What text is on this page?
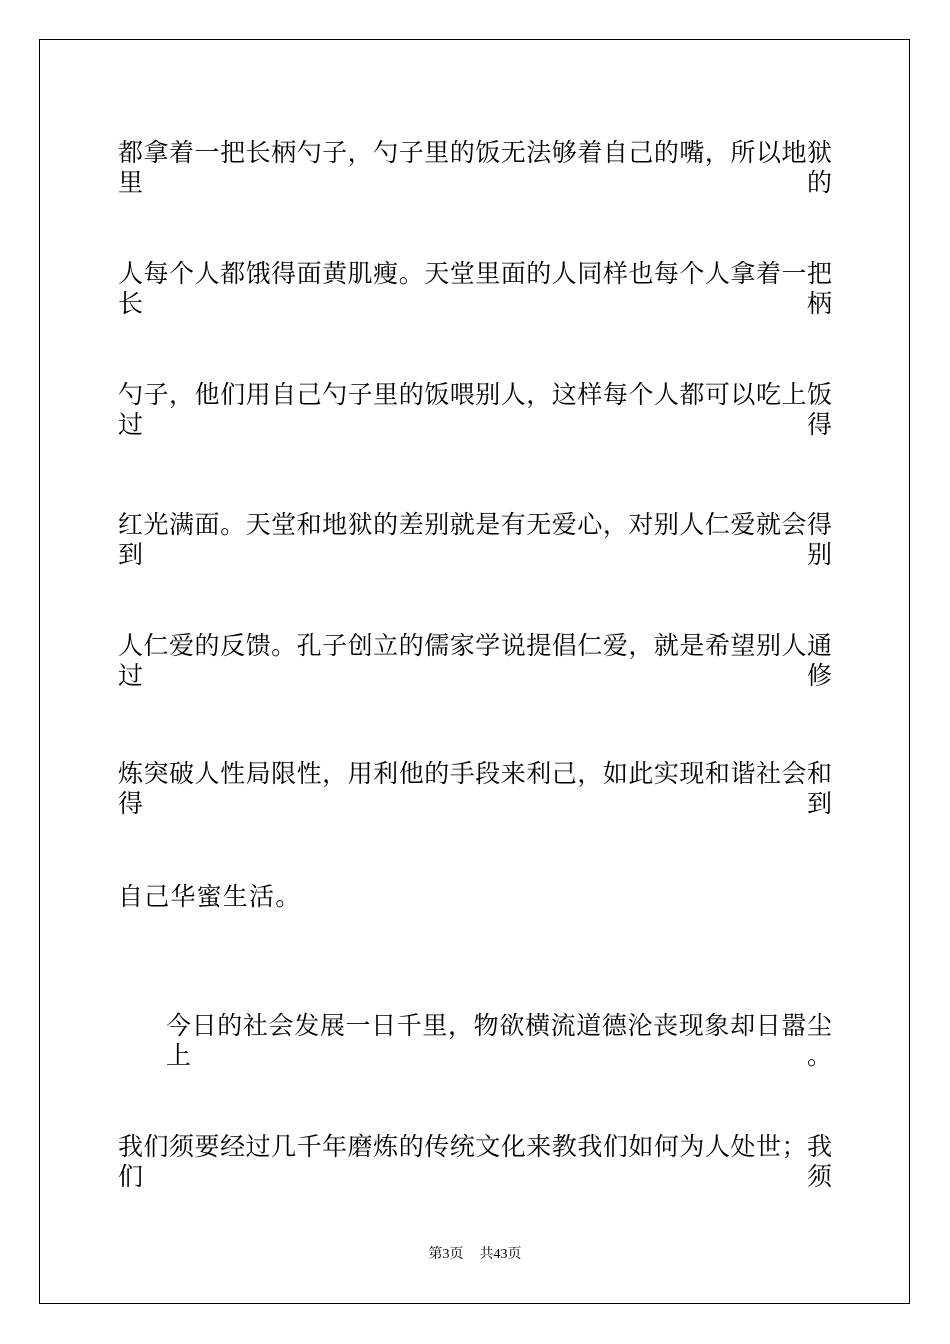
都拿着一把长柄勺子，勺子里的饭无法够着自己的嘴，所以地狱里的
人每个人都饿得面黄肌瘦。天堂里面的人同样也每个人拿着一把长柄
勺子，他们用自己勺子里的饭喂别人，这样每个人都可以吃上饭过得
红光满面。天堂和地狱的差别就是有无爱心，对别人仁爱就会得到别
人仁爱的反馈。孔子创立的儒家学说提倡仁爱，就是希望别人通过修
炼突破人性局限性，用利他的手段来利己，如此实现和谐社会和得到
自己华蜜生活。
今日的社会发展一日千里，物欲横流道德沦丧现象却日嚣尘上。
我们须要经过几千年磨炼的传统文化来教我们如何为人处世；我们须
第3页 共43页
